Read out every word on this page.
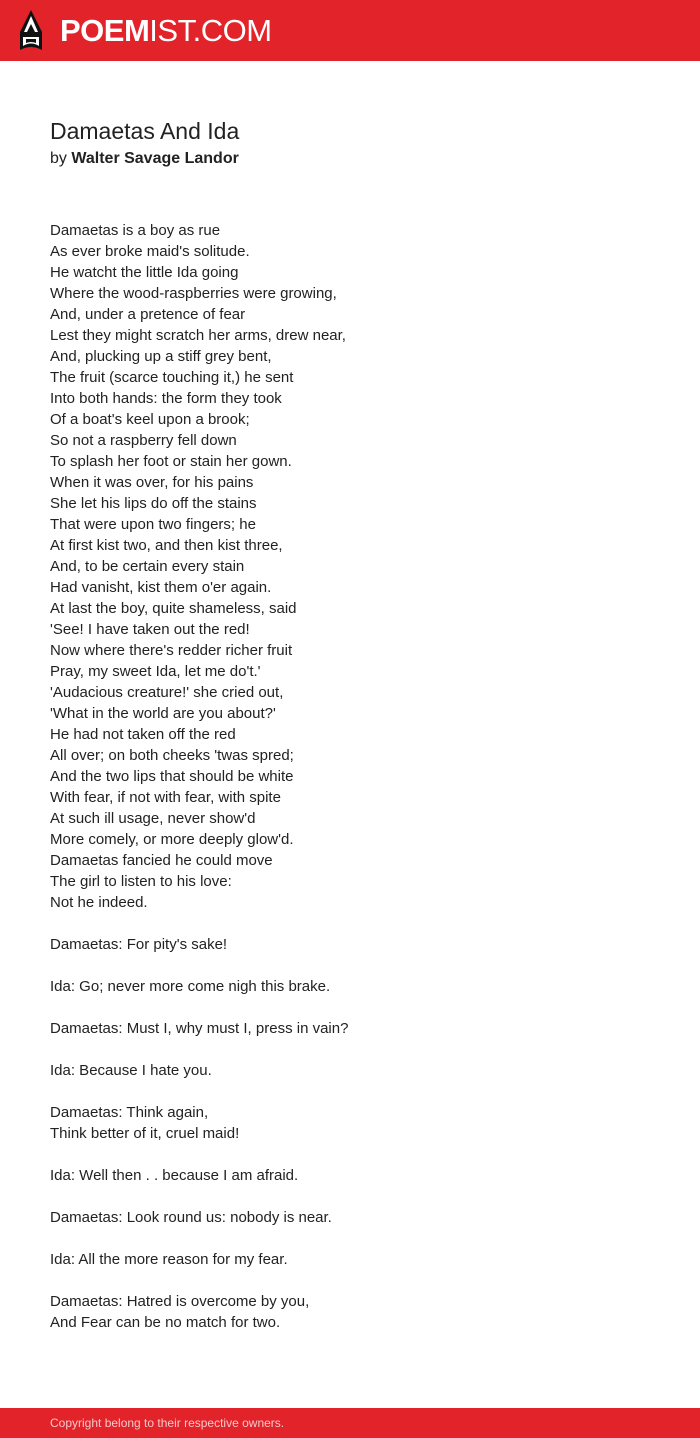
POEMIST.COM
Damaetas And Ida
by Walter Savage Landor
Damaetas is a boy as rue
As ever broke maid's solitude.
He watcht the little Ida going
Where the wood-raspberries were growing,
And, under a pretence of fear
Lest they might scratch her arms, drew near,
And, plucking up a stiff grey bent,
The fruit (scarce touching it,) he sent
Into both hands: the form they took
Of a boat's keel upon a brook;
So not a raspberry fell down
To splash her foot or stain her gown.
When it was over, for his pains
She let his lips do off the stains
That were upon two fingers; he
At first kist two, and then kist three,
And, to be certain every stain
Had vanisht, kist them o'er again.
At last the boy, quite shameless, said
'See! I have taken out the red!
Now where there's redder richer fruit
Pray, my sweet Ida, let me do't.'
'Audacious creature!' she cried out,
'What in the world are you about?'
He had not taken off the red
All over; on both cheeks 'twas spred;
And the two lips that should be white
With fear, if not with fear, with spite
At such ill usage, never show'd
More comely, or more deeply glow'd.
Damaetas fancied he could move
The girl to listen to his love:
Not he indeed.
Damaetas: For pity's sake!
Ida: Go; never more come nigh this brake.
Damaetas: Must I, why must I, press in vain?
Ida: Because I hate you.
Damaetas: Think again,
Think better of it, cruel maid!
Ida: Well then . . because I am afraid.
Damaetas: Look round us: nobody is near.
Ida: All the more reason for my fear.
Damaetas: Hatred is overcome by you,
And Fear can be no match for two.
Copyright belong to their respective owners.
